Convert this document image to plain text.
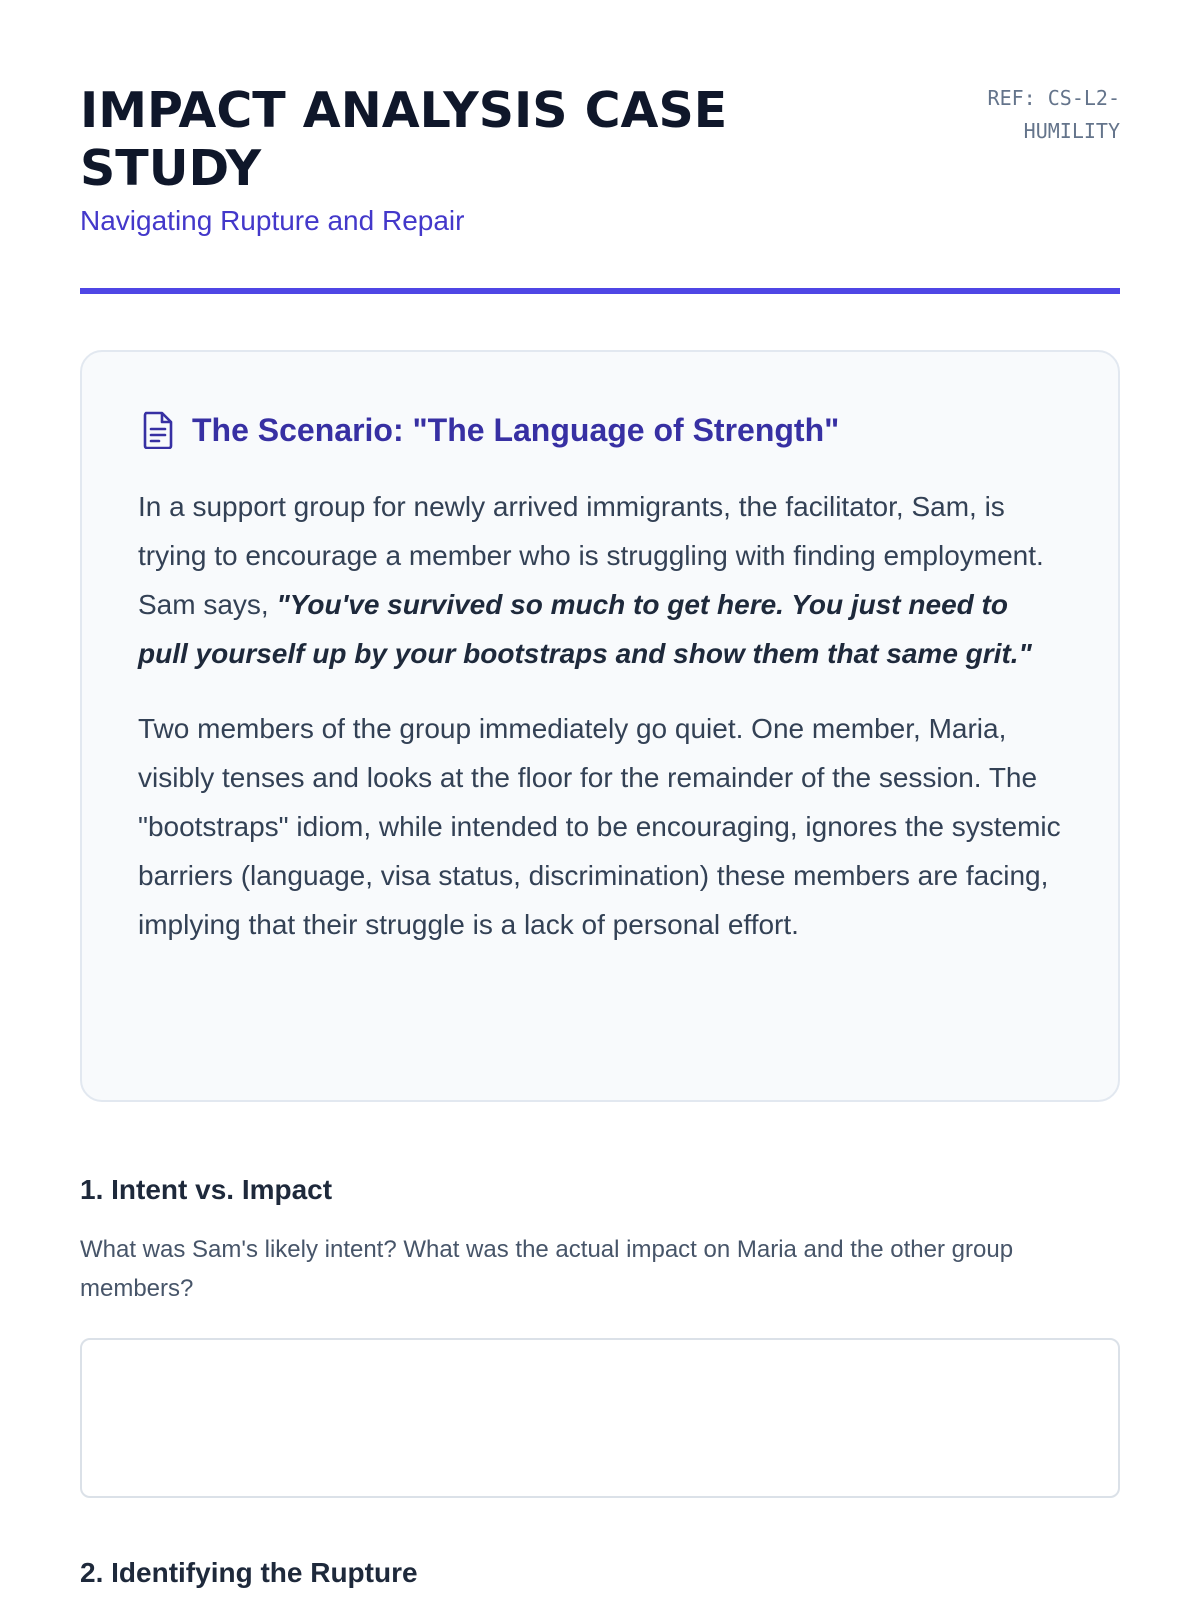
IMPACT ANALYSIS CASE STUDY
Navigating Rupture and Repair
REF: CS-L2-HUMILITY
The Scenario: "The Language of Strength"

In a support group for newly arrived immigrants, the facilitator, Sam, is trying to encourage a member who is struggling with finding employment. Sam says, "You've survived so much to get here. You just need to pull yourself up by your bootstraps and show them that same grit."

Two members of the group immediately go quiet. One member, Maria, visibly tenses and looks at the floor for the remainder of the session. The "bootstraps" idiom, while intended to be encouraging, ignores the systemic barriers (language, visa status, discrimination) these members are facing, implying that their struggle is a lack of personal effort.

1. Intent vs. Impact
What was Sam's likely intent? What was the actual impact on Maria and the other group members?
2. Identifying the Rupture
